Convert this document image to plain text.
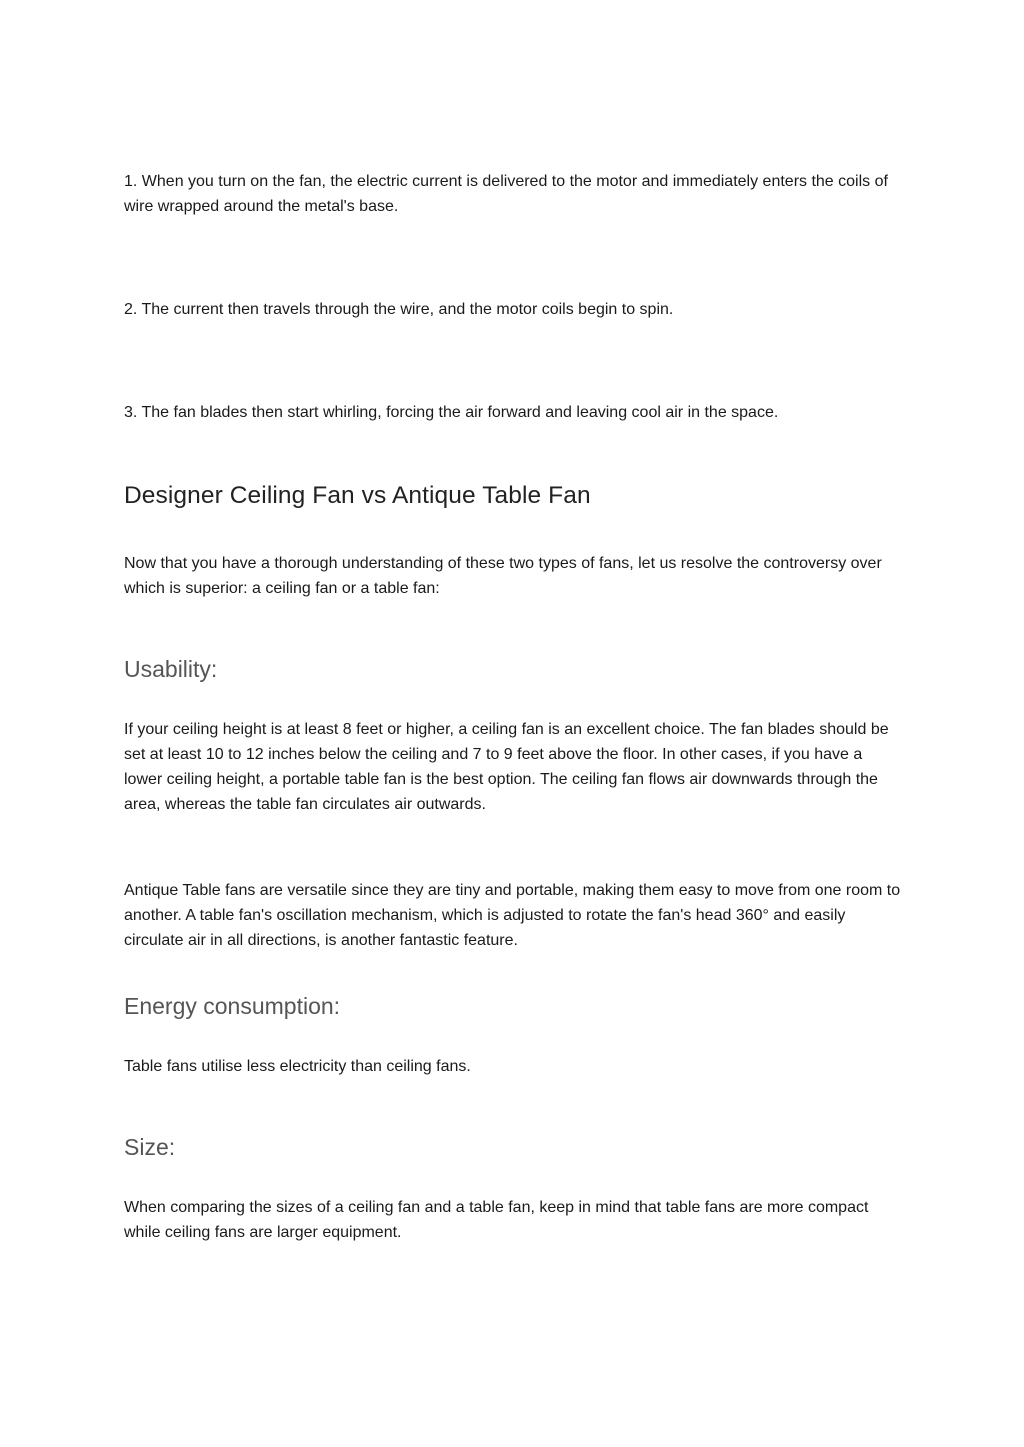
1. When you turn on the fan, the electric current is delivered to the motor and immediately enters the coils of wire wrapped around the metal's base.

2. The current then travels through the wire, and the motor coils begin to spin.

3. The fan blades then start whirling, forcing the air forward and leaving cool air in the space.

Designer Ceiling Fan vs Antique Table Fan

Now that you have a thorough understanding of these two types of fans, let us resolve the controversy over which is superior: a ceiling fan or a table fan:

Usability:

If your ceiling height is at least 8 feet or higher, a ceiling fan is an excellent choice. The fan blades should be set at least 10 to 12 inches below the ceiling and 7 to 9 feet above the floor. In other cases, if you have a lower ceiling height, a portable table fan is the best option. The ceiling fan flows air downwards through the area, whereas the table fan circulates air outwards.

Antique Table fans are versatile since they are tiny and portable, making them easy to move from one room to another. A table fan's oscillation mechanism, which is adjusted to rotate the fan's head 360° and easily circulate air in all directions, is another fantastic feature.

Energy consumption:

Table fans utilise less electricity than ceiling fans.

Size:

When comparing the sizes of a ceiling fan and a table fan, keep in mind that table fans are more compact while ceiling fans are larger equipment.
